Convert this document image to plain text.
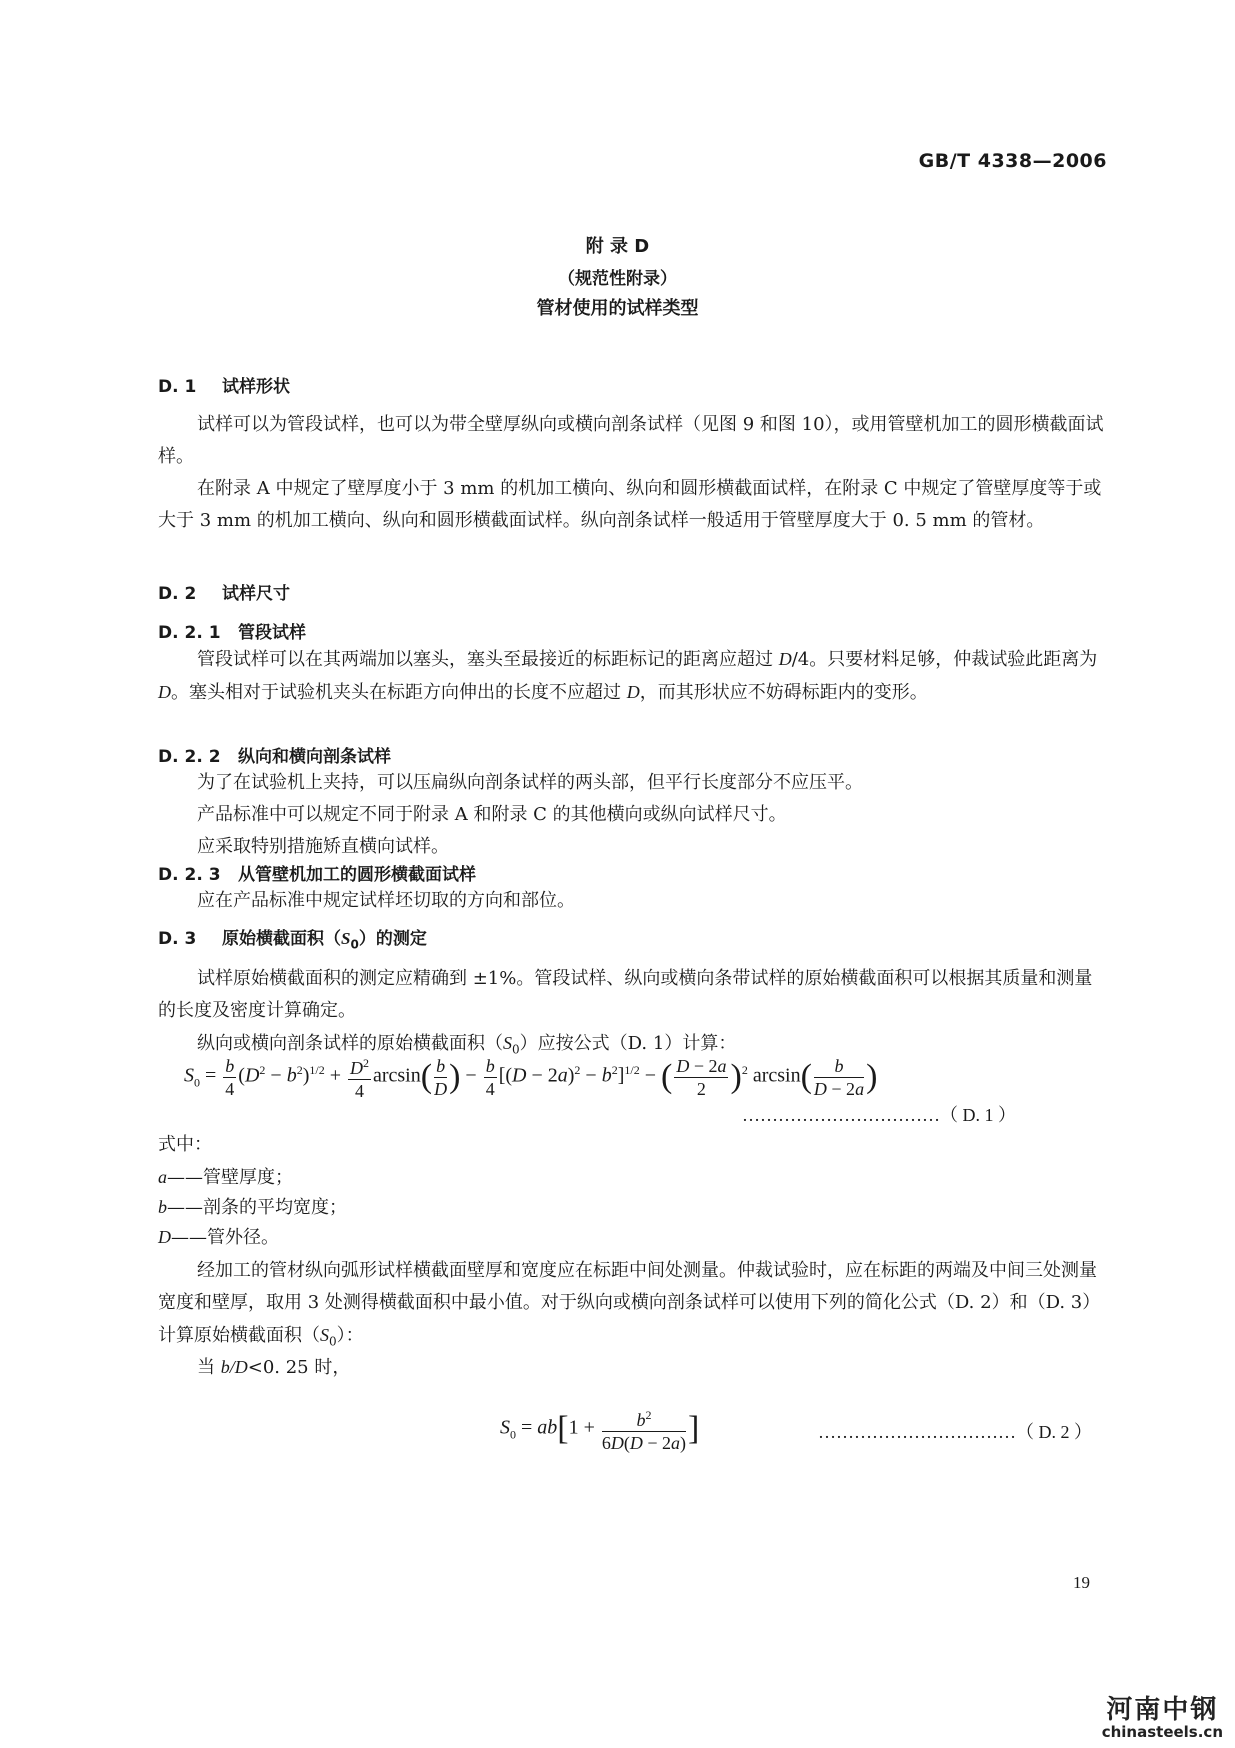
GB/T 4338—2006
附 录 D
（规范性附录）
管材使用的试样类型
D. 1 试样形状
试样可以为管段试样，也可以为带全壁厚纵向或横向剖条试样（见图 9 和图 10），或用管壁机加工的圆形横截面试样。
在附录 A 中规定了壁厚度小于 3 mm 的机加工横向、纵向和圆形横截面试样，在附录 C 中规定了管壁厚度等于或大于 3 mm 的机加工横向、纵向和圆形横截面试样。纵向剖条试样一般适用于管壁厚度大于 0. 5 mm 的管材。
D. 2 试样尺寸
D. 2. 1 管段试样
管段试样可以在其两端加以塞头，塞头至最接近的标距标记的距离应超过 D/4。只要材料足够，仲裁试验此距离为 D。塞头相对于试验机夹头在标距方向伸出的长度不应超过 D，而其形状应不妨碍标距内的变形。
D. 2. 2 纵向和横向剖条试样
为了在试验机上夹持，可以压扁纵向剖条试样的两头部，但平行长度部分不应压平。
产品标准中可以规定不同于附录 A 和附录 C 的其他横向或纵向试样尺寸。
应采取特别措施矫直横向试样。
D. 2. 3 从管壁机加工的圆形横截面试样
应在产品标准中规定试样坯切取的方向和部位。
D. 3 原始横截面积$(S_0)$的测定
试样原始横截面积的测定应精确到 ±1%。管段试样、纵向或横向条带试样的原始横截面积可以根据其质量和测量的长度及密度计算确定。
纵向或横向剖条试样的原始横截面积$(S_0)$应按公式（D. 1）计算：
$S_0 = \frac{b}{4} (D^2 - b^2)^{1/2} + \frac{D^2}{4} \arcsin( \frac{b}{D}$ ) − $\frac{b}{4} [(D - 2a)^2 - b^2]^{1/2}$ − ( $\frac{D - 2a}{2} )^2$ $\arcsin( \frac{b}{D - 2a}$ )
……………………………（ D. 1 ）
式中：
a——管壁厚度；
b——剖条的平均宽度；
D——管外径。
经加工的管材纵向弧形试样横截面壁厚和宽度应在标距中间处测量。仲裁试验时，应在标距的两端及中间三处测量宽度和壁厚，取用 3 处测得横截面积中最小值。对于纵向或横向剖条试样可以使用下列的简化公式（D. 2）和（D. 3）计算原始横截面积$(S_0)$：
当 b/D<0. 25 时，
$S_0 = ab[1 + \frac{b^2}{6D(D - 2a)}$ ]	……………………………（ D. 2 ）
19
河南中钢
chinasteels.cn
